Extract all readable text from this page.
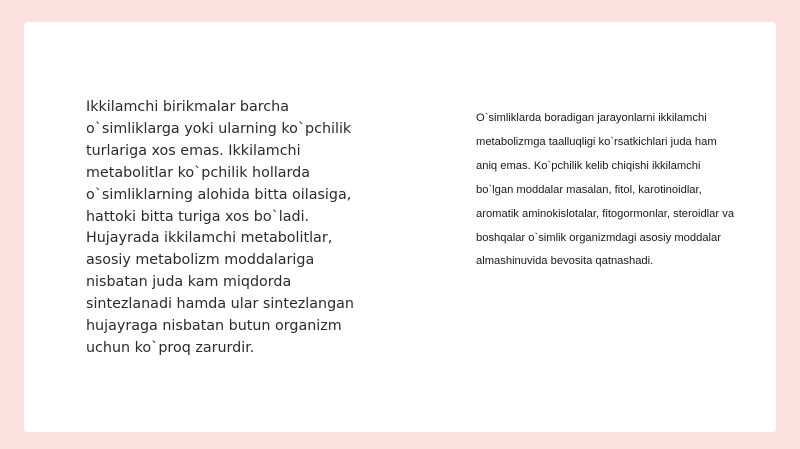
Ikkilamchi birikmalar barcha o`simliklarga yoki ularning ko`pchilik turlariga xos emas. Ikkilamchi metabolitlar ko`pchilik hollarda o`simliklarning alohida bitta oilasiga, hattoki bitta turiga xos bo`ladi. Hujayrada ikkilamchi metabolitlar, asosiy metabolizm moddalariga nisbatan juda kam miqdorda sintezlanadi hamda ular sintezlangan hujayraga nisbatan butun organizm uchun ko`proq zarurdir.

O`simliklarda boradigan jarayonlarni ikkilamchi metabolizmga taalluqligi ko`rsatkichlari juda ham aniq emas. Ko`pchilik kelib chiqishi ikkilamchi bo`lgan moddalar masalan, fitol, karotinoidlar, aromatik aminokislotalar, fitogormonlar, steroidlar va boshqalar o`simlik organizmdagi asosiy moddalar almashinuvida bevosita qatnashadi.
